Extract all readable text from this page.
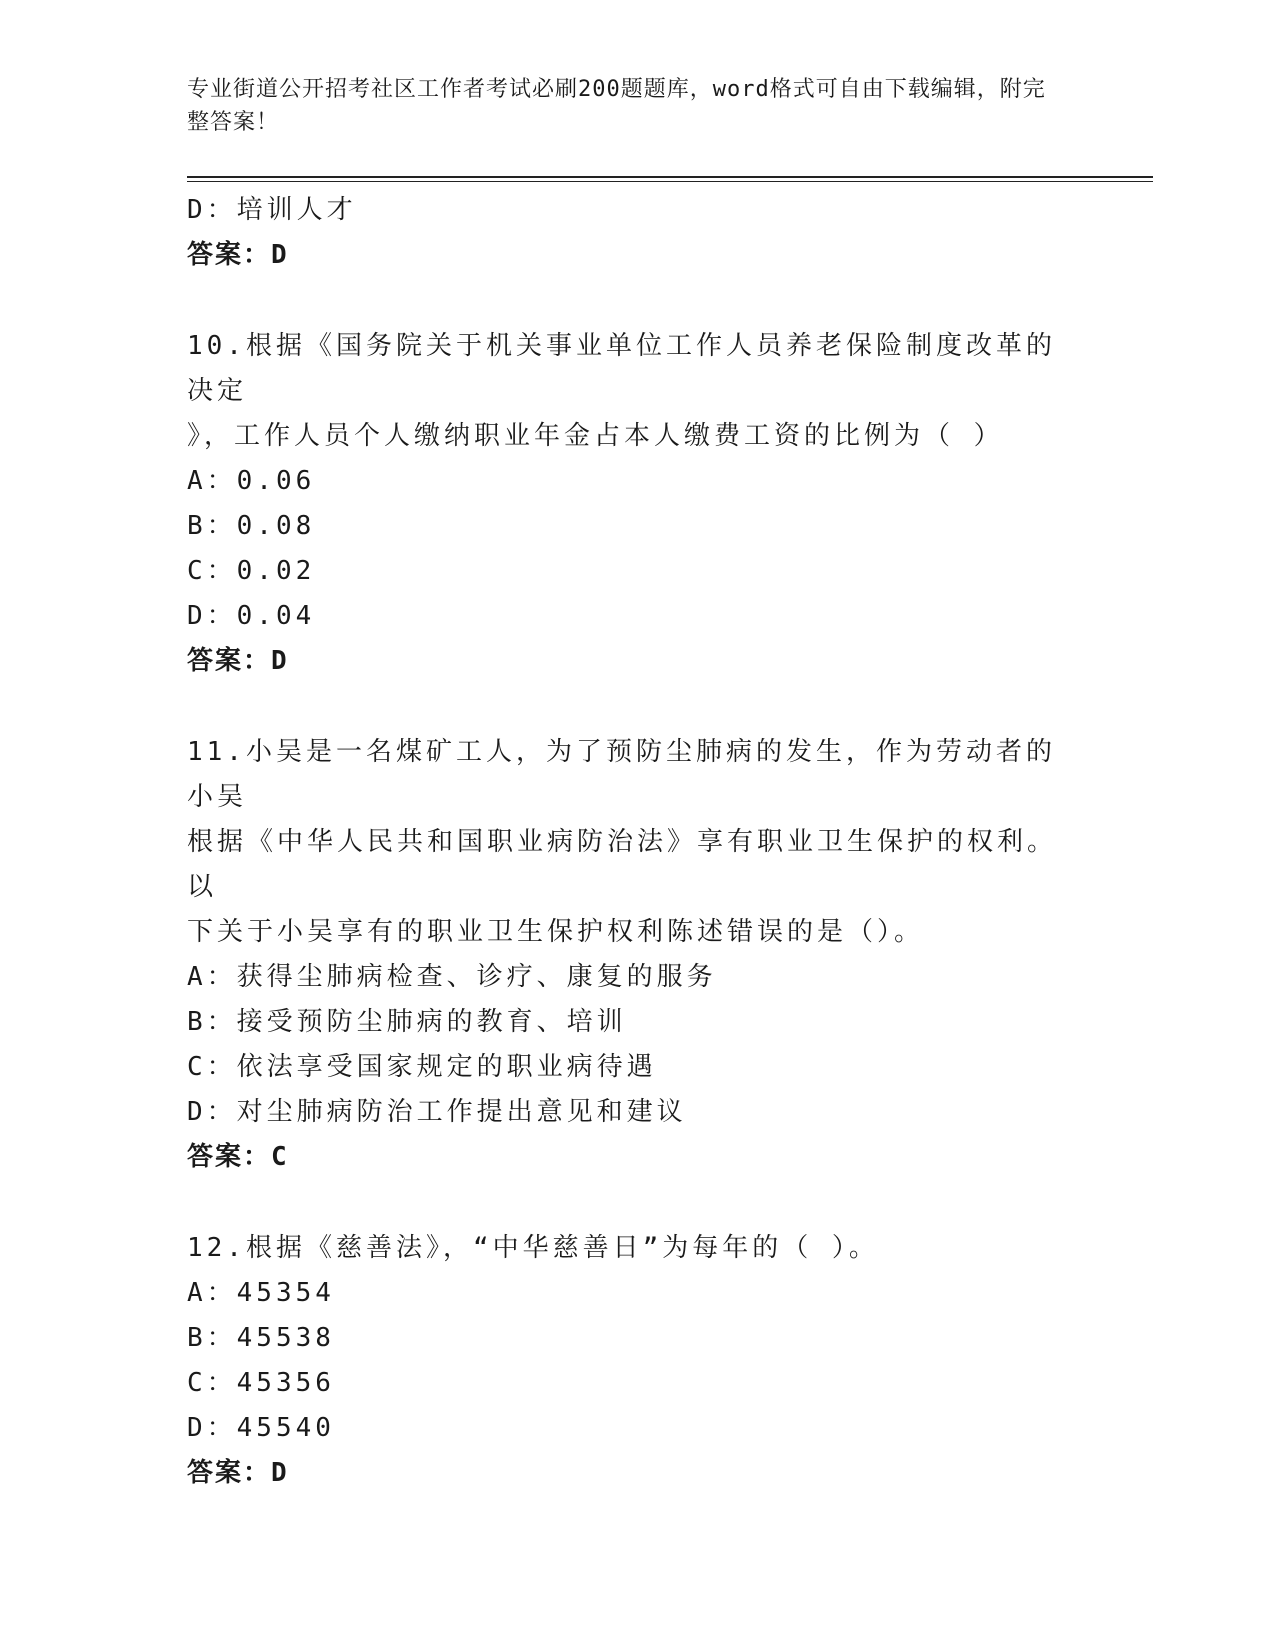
专业街道公开招考社区工作者考试必刷200题题库，word格式可自由下载编辑，附完整答案！
D：培训人才
答案：D
10.根据《国务院关于机关事业单位工作人员养老保险制度改革的决定
》，工作人员个人缴纳职业年金占本人缴费工资的比例为（ ）
A：0.06
B：0.08
C：0.02
D：0.04
答案：D
11.小吴是一名煤矿工人，为了预防尘肺病的发生，作为劳动者的小吴
根据《中华人民共和国职业病防治法》享有职业卫生保护的权利。以
下关于小吴享有的职业卫生保护权利陈述错误的是（）。
A：获得尘肺病检查、诊疗、康复的服务
B：接受预防尘肺病的教育、培训
C：依法享受国家规定的职业病待遇
D：对尘肺病防治工作提出意见和建议
答案：C
12.根据《慈善法》，“中华慈善日”为每年的（ ）。
A：45354
B：45538
C：45356
D：45540
答案：D
